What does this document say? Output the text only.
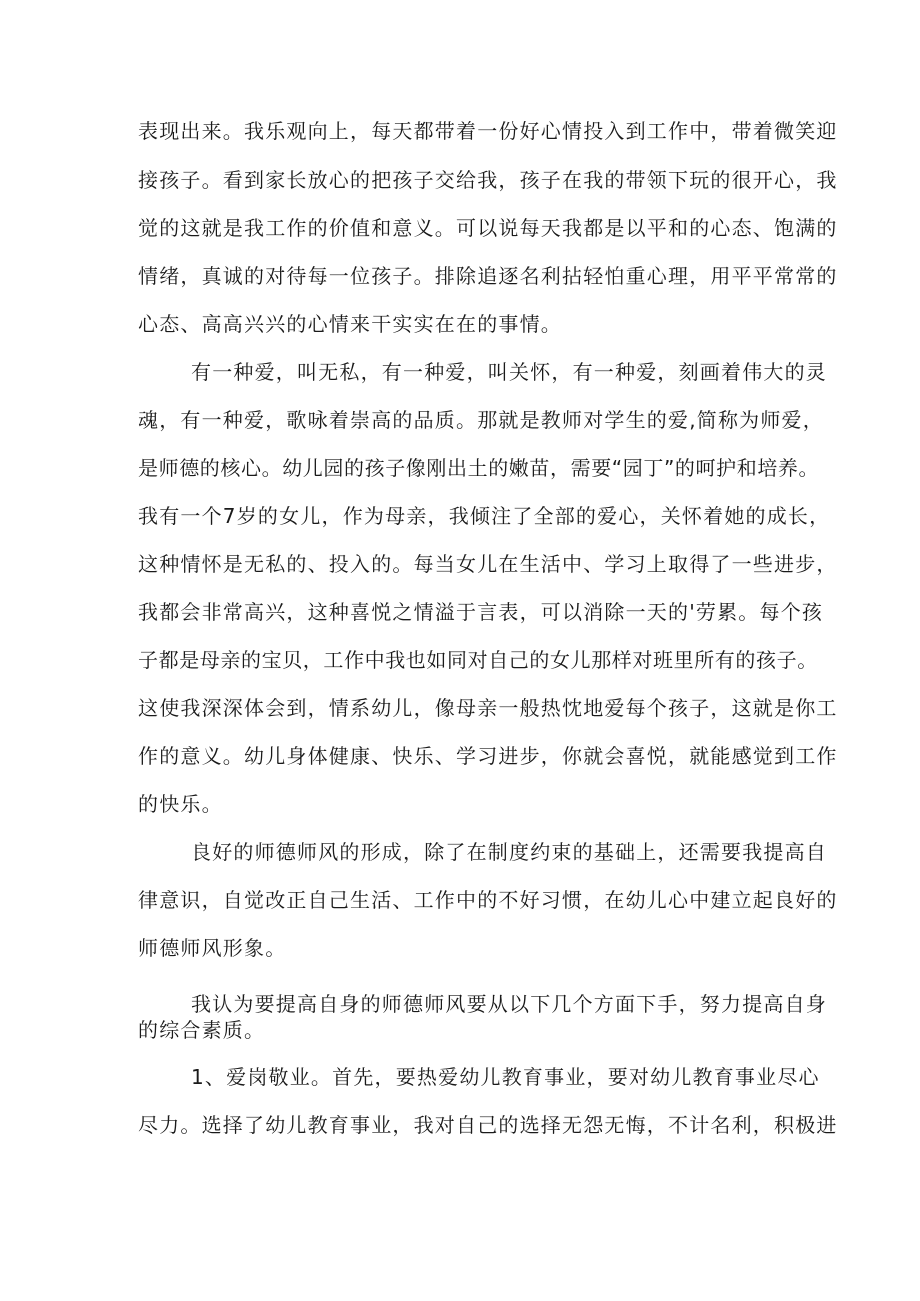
表现出来。我乐观向上，每天都带着一份好心情投入到工作中，带着微笑迎
接孩子。看到家长放心的把孩子交给我，孩子在我的带领下玩的很开心，我
觉的这就是我工作的价值和意义。可以说每天我都是以平和的心态、饱满的
情绪，真诚的对待每一位孩子。排除追逐名利拈轻怕重心理，用平平常常的
心态、高高兴兴的心情来干实实在在的事情。
有一种爱，叫无私，有一种爱，叫关怀，有一种爱，刻画着伟大的灵
魂，有一种爱，歌咏着崇高的品质。那就是教师对学生的爱,简称为师爱，
是师德的核心。幼儿园的孩子像刚出土的嫩苗，需要“园丁”的呵护和培养。
我有一个7岁的女儿，作为母亲，我倾注了全部的爱心，关怀着她的成长，
这种情怀是无私的、投入的。每当女儿在生活中、学习上取得了一些进步，
我都会非常高兴，这种喜悦之情溢于言表，可以消除一天的'劳累。每个孩
子都是母亲的宝贝，工作中我也如同对自己的女儿那样对班里所有的孩子。
这使我深深体会到，情系幼儿，像母亲一般热忱地爱每个孩子，这就是你工
作的意义。幼儿身体健康、快乐、学习进步，你就会喜悦，就能感觉到工作
的快乐。
良好的师德师风的形成，除了在制度约束的基础上，还需要我提高自
律意识，自觉改正自己生活、工作中的不好习惯，在幼儿心中建立起良好的
师德师风形象。
我认为要提高自身的师德师风要从以下几个方面下手，努力提高自身
的综合素质。
1、爱岗敬业。首先，要热爱幼儿教育事业，要对幼儿教育事业尽心
尽力。选择了幼儿教育事业，我对自己的选择无怨无悔，不计名利，积极进
